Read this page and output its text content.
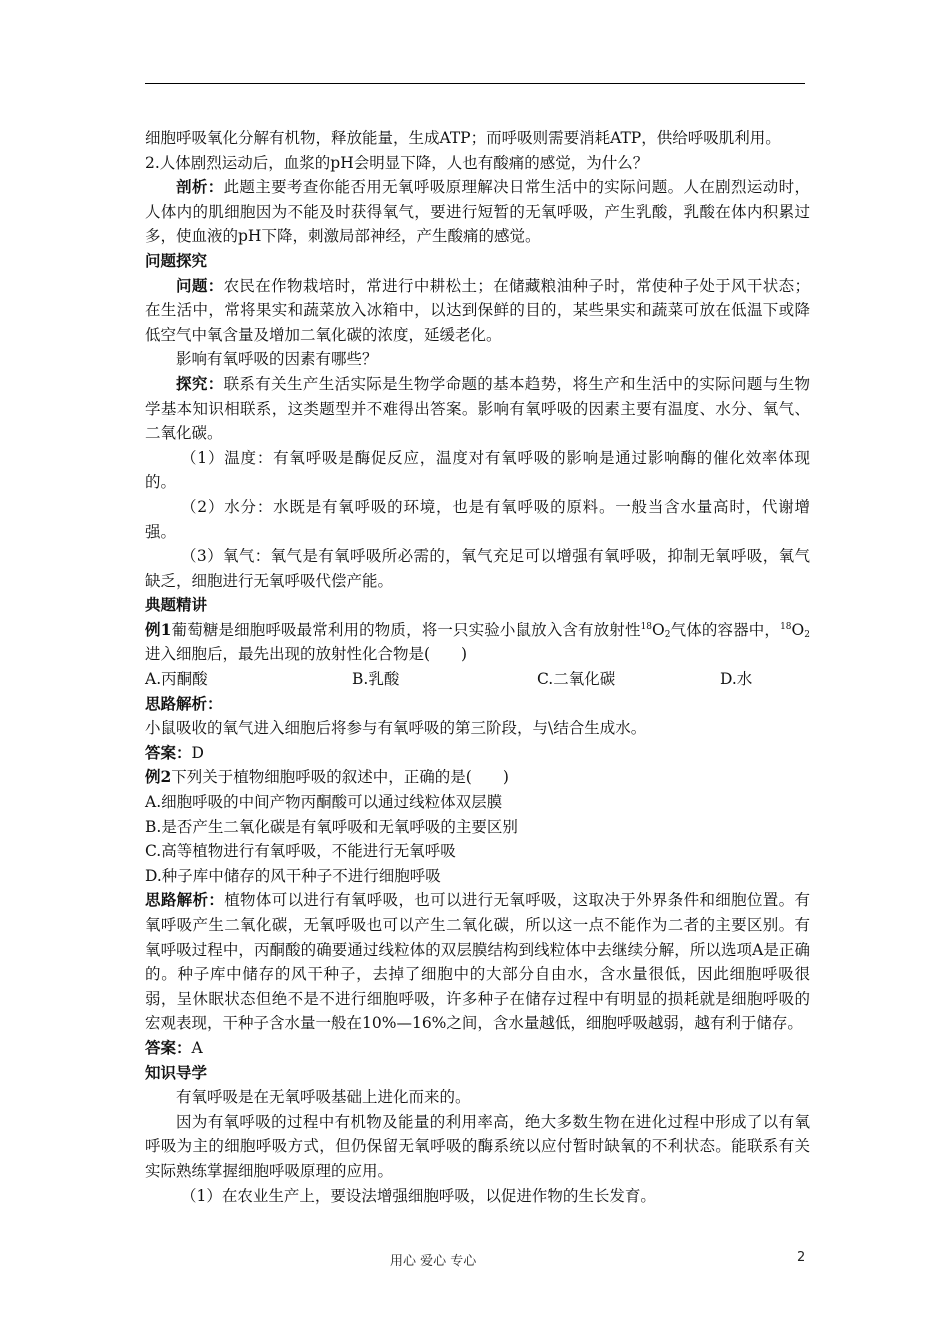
细胞呼吸氧化分解有机物，释放能量，生成ATP；而呼吸则需要消耗ATP，供给呼吸肌利用。

2.人体剧烈运动后，血浆的pH会明显下降，人也有酸痛的感觉，为什么？

剖析：此题主要考查你能否用无氧呼吸原理解决日常生活中的实际问题。人在剧烈运动时，人体内的肌细胞因为不能及时获得氧气，要进行短暂的无氧呼吸，产生乳酸，乳酸在体内积累过多，使血液的pH下降，刺激局部神经，产生酸痛的感觉。

问题探究

问题：农民在作物栽培时，常进行中耕松土；在储藏粮油种子时，常使种子处于风干状态；在生活中，常将果实和蔬菜放入冰箱中，以达到保鲜的目的，某些果实和蔬菜可放在低温下或降低空气中氧含量及增加二氧化碳的浓度，延缓老化。

影响有氧呼吸的因素有哪些？

探究：联系有关生产生活实际是生物学命题的基本趋势，将生产和生活中的实际问题与生物学基本知识相联系，这类题型并不难得出答案。影响有氧呼吸的因素主要有温度、水分、氧气、二氧化碳。

（1）温度：有氧呼吸是酶促反应，温度对有氧呼吸的影响是通过影响酶的催化效率体现的。

（2）水分：水既是有氧呼吸的环境，也是有氧呼吸的原料。一般当含水量高时，代谢增强。

（3）氧气：氧气是有氧呼吸所必需的，氧气充足可以增强有氧呼吸，抑制无氧呼吸，氧气缺乏，细胞进行无氧呼吸代偿产能。

典题精讲

例1葡萄糖是细胞呼吸最常利用的物质，将一只实验小鼠放入含有放射性$^{18}O_2$气体的容器中，$^{18}O_2$进入细胞后，最先出现的放射性化合物是(　　)

A.丙酮酸	B.乳酸	C.二氧化碳	D.水

思路解析：

小鼠吸收的氧气进入细胞后将参与有氧呼吸的第三阶段，与\结合生成水。

答案：D

例2下列关于植物细胞呼吸的叙述中，正确的是(　　)

A.细胞呼吸的中间产物丙酮酸可以通过线粒体双层膜

B.是否产生二氧化碳是有氧呼吸和无氧呼吸的主要区别

C.高等植物进行有氧呼吸，不能进行无氧呼吸

D.种子库中储存的风干种子不进行细胞呼吸

思路解析：植物体可以进行有氧呼吸，也可以进行无氧呼吸，这取决于外界条件和细胞位置。有氧呼吸产生二氧化碳，无氧呼吸也可以产生二氧化碳，所以这一点不能作为二者的主要区别。有氧呼吸过程中，丙酮酸的确要通过线粒体的双层膜结构到线粒体中去继续分解，所以选项A是正确的。种子库中储存的风干种子，去掉了细胞中的大部分自由水，含水量很低，因此细胞呼吸很弱，呈休眠状态但绝不是不进行细胞呼吸，许多种子在储存过程中有明显的损耗就是细胞呼吸的宏观表现，干种子含水量一般在10%—16%之间，含水量越低，细胞呼吸越弱，越有利于储存。

答案：A

知识导学

有氧呼吸是在无氧呼吸基础上进化而来的。

因为有氧呼吸的过程中有机物及能量的利用率高，绝大多数生物在进化过程中形成了以有氧呼吸为主的细胞呼吸方式，但仍保留无氧呼吸的酶系统以应付暂时缺氧的不利状态。能联系有关实际熟练掌握细胞呼吸原理的应用。

（1）在农业生产上，要设法增强细胞呼吸，以促进作物的生长发育。

用心 爱心 专心	2
